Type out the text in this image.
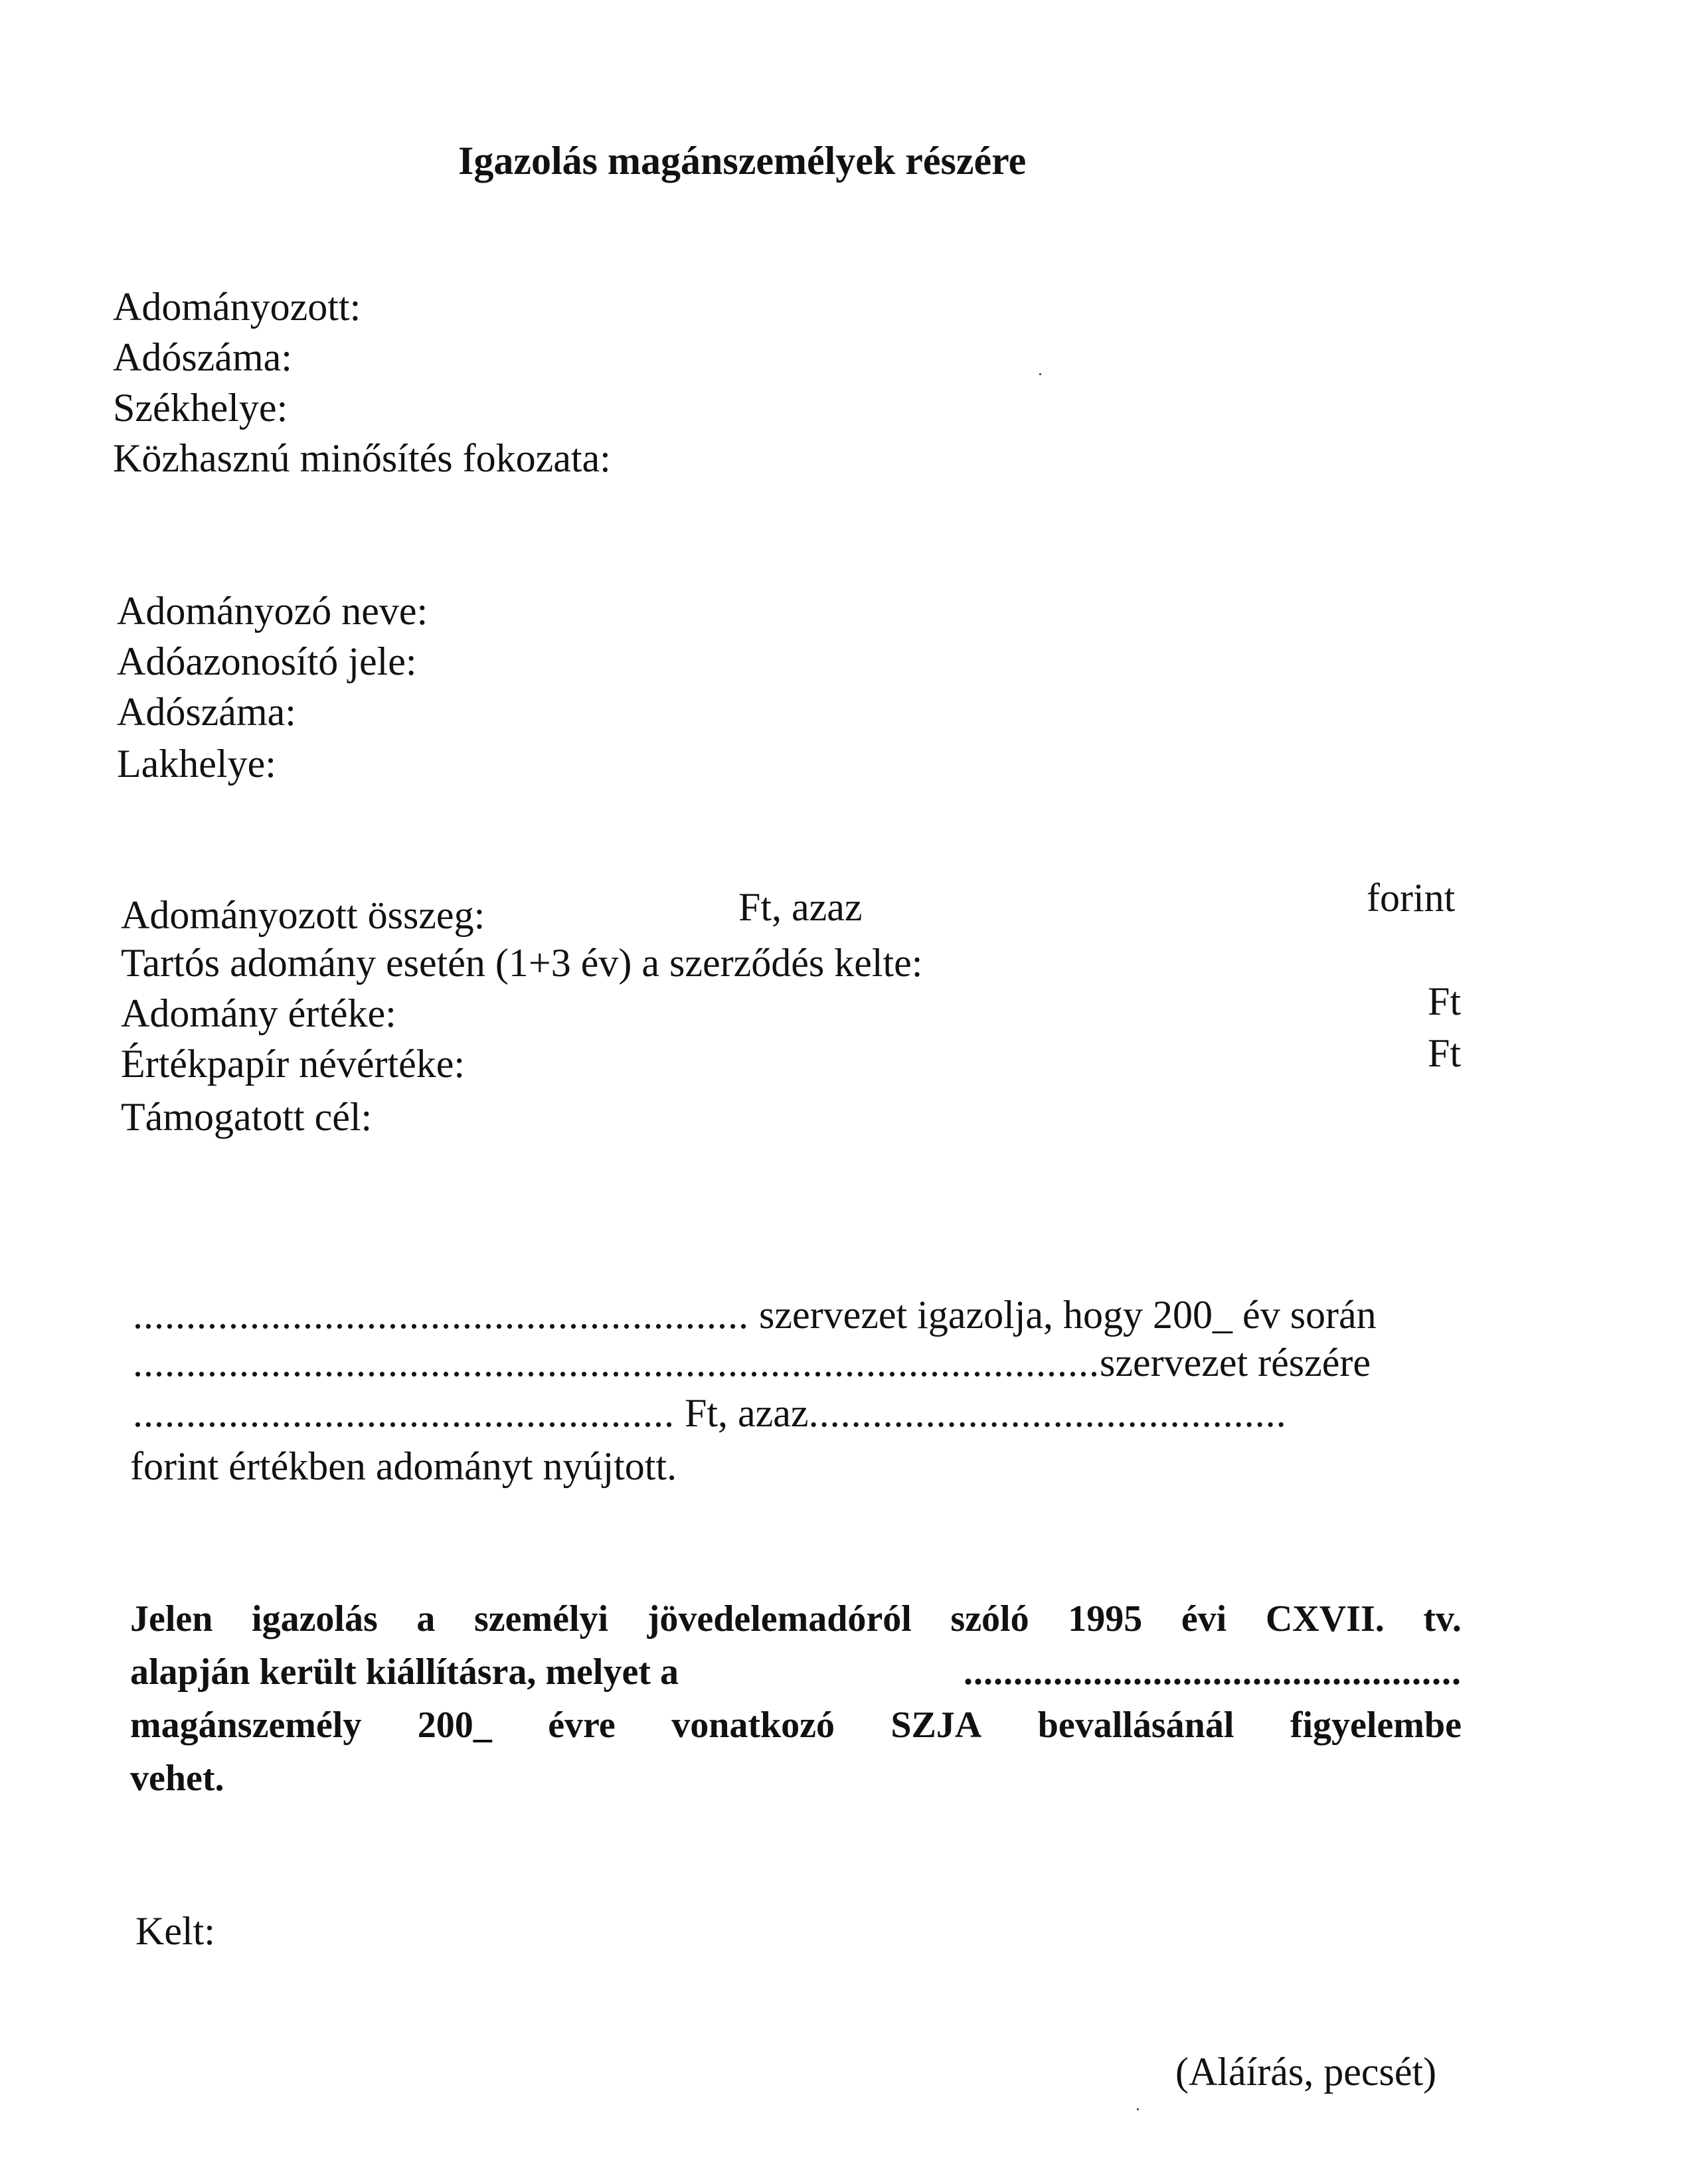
Igazolás magánszemélyek részére
Adományozott:
Adószáma:
Székhelye:
Közhasznú minősítés fokozata:
Adományozó neve:
Adóazonosító jele:
Adószáma:
Lakhelye:
Adományozott összeg:	Ft, azaz	forint
Tartós adomány esetén (1+3 év) a szerződés kelte:
Adomány értéke:	Ft
Értékpapír névértéke:	Ft
Támogatott cél:
.......................................................... szervezet igazolja, hogy 200_ év során
...........................................................................................szervezet részére
................................................... Ft, azaz.............................................
forint értékben adományt nyújtott.
Jelen igazolás a személyi jövedelemadóról szóló 1995 évi CXVII. tv.
alapján került kiállításra, melyet a	..................................................
magánszemély 200_ évre vonatkozó SZJA bevallásánál figyelembe
vehet.
Kelt:
(Aláírás, pecsét)
